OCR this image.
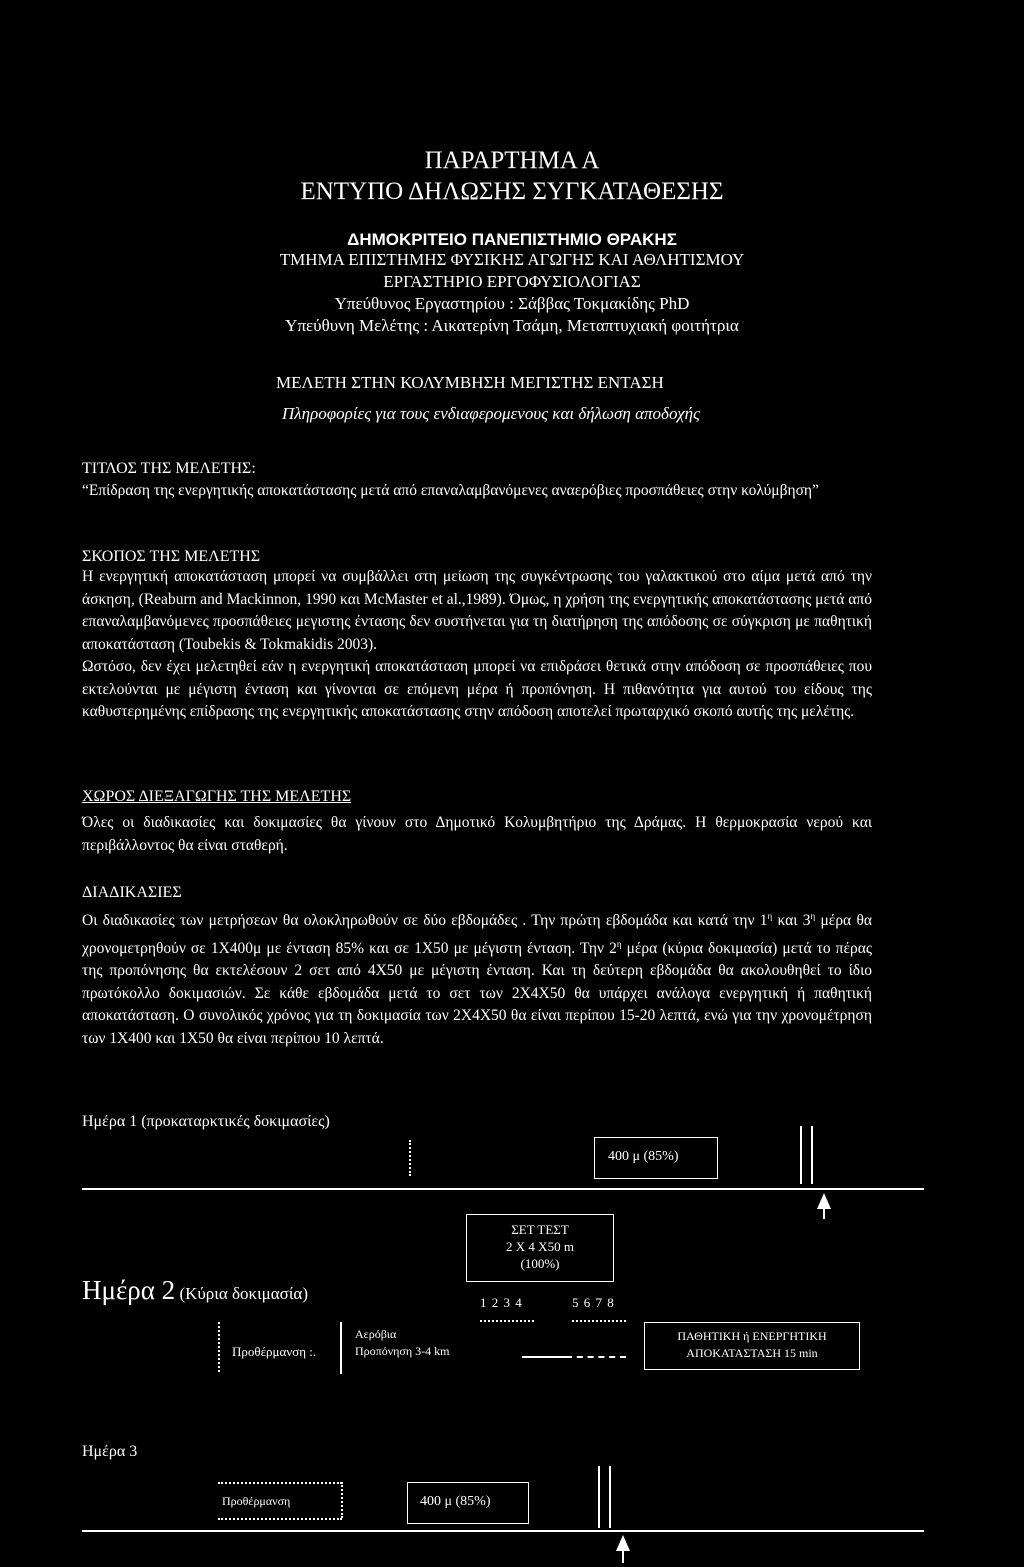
ΠΑΡΑΡΤΗΜΑ Α
ΕΝΤΥΠΟ ΔΗΛΩΣΗΣ ΣΥΓΚΑΤΑΘΕΣΗΣ
ΔΗΜΟΚΡΙΤΕΙΟ ΠΑΝΕΠΙΣΤΗΜΙΟ ΘΡΑΚΗΣ
ΤΜΗΜΑ ΕΠΙΣΤΗΜΗΣ ΦΥΣΙΚΗΣ ΑΓΩΓΗΣ ΚΑΙ ΑΘΛΗΤΙΣΜΟΥ
ΕΡΓΑΣΤΗΡΙΟ ΕΡΓΟΦΥΣΙΟΛΟΓΙΑΣ
Υπεύθυνος Εργαστηρίου : Σάββας Τοκμακίδης PhD
Υπεύθυνη Μελέτης : Αικατερίνη Τσάμη, Μεταπτυχιακή φοιτήτρια
ΜΕΛΕΤΗ ΣΤΗΝ ΚΟΛΥΜΒΗΣΗ ΜΕΓΙΣΤΗΣ ΕΝΤΑΣΗ
Πληροφορίες για τους ενδιαφερομενους και δήλωση αποδοχής
ΤΙΤΛΟΣ ΤΗΣ ΜΕΛΕΤΗΣ:
“Επίδραση της ενεργητικής αποκατάστασης μετά από επαναλαμβανόμενες αναερόβιες προσπάθειες στην κολύμβηση”
ΣΚΟΠΟΣ ΤΗΣ ΜΕΛΕΤΗΣ

Η ενεργητική αποκατάσταση μπορεί να συμβάλλει στη μείωση της συγκέντρωσης του γαλακτικού στο αίμα μετά από την άσκηση, (Reaburn and Mackinnon, 1990 και McMaster et al.,1989). Όμως, η χρήση της ενεργητικής αποκατάστασης μετά από επαναλαμβανόμενες προσπάθειες μεγιστης έντασης δεν συστήνεται για τη διατήρηση της απόδοσης σε σύγκριση με παθητική αποκατάσταση (Toubekis & Tokmakidis 2003).

Ωστόσο, δεν έχει μελετηθεί εάν η ενεργητική αποκατάσταση μπορεί να επιδράσει θετικά στην απόδοση σε προσπάθειες που εκτελούνται με μέγιστη ένταση και γίνονται σε επόμενη μέρα ή προπόνηση. Η πιθανότητα για αυτού του είδους της καθυστερημένης επίδρασης της ενεργητικής αποκατάστασης στην απόδοση αποτελεί πρωταρχικό σκοπό αυτής της μελέτης.

ΧΩΡΟΣ ΔΙΕΞΑΓΩΓΗΣ ΤΗΣ ΜΕΛΕΤΗΣ
Όλες οι διαδικασίες και δοκιμασίες θα γίνουν στο Δημοτικό Κολυμβητήριο της Δράμας. Η θερμοκρασία νερού και περιβάλλοντος θα είναι σταθερή.
ΔΙΑΔΙΚΑΣΙΕΣ
Οι διαδικασίες των μετρήσεων θα ολοκληρωθούν σε δύο εβδομάδες . Την πρώτη εβδομάδα και κατά την $1^\eta$ και $3^\eta$ μέρα θα χρονομετρηθούν σε 1Χ400μ με ένταση 85% και σε 1Χ50 με μέγιστη ένταση. Την $2^\eta$ μέρα (κύρια δοκιμασία) μετά το πέρας της προπόνησης θα εκτελέσουν 2 σετ από 4Χ50 με μέγιστη ένταση. Και τη δεύτερη εβδομάδα θα ακολουθηθεί το ίδιο πρωτόκολλο δοκιμασιών. Σε κάθε εβδομάδα μετά το σετ των 2Χ4Χ50 θα υπάρχει ανάλογα ενεργητική ή παθητική αποκατάσταση. Ο συνολικός χρόνος για τη δοκιμασία των 2Χ4Χ50 θα είναι περίπου 15-20 λεπτά, ενώ για την χρονομέτρηση των 1Χ400 και 1Χ50 θα είναι περίπου 10 λεπτά.
Ημέρα 1 (προκαταρκτικές δοκιμασίες)
400 μ (85%)
ΣΕΤ ΤΕΣΤ
2 Χ 4 Χ50 m
(100%)
Ημέρα 2 (Κύρια δοκιμασία)	1 2 3 4	5 6 7 8
Προθέρμανση :.
Αερόβια
Προπόνηση 3-4 km
ΠΑΘΗΤΙΚΗ ή ΕΝΕΡΓΗΤΙΚΗ
ΑΠΟΚΑΤΑΣΤΑΣΗ 15 min
Ημέρα 3
Προθέρμανση	400 μ (85%)
